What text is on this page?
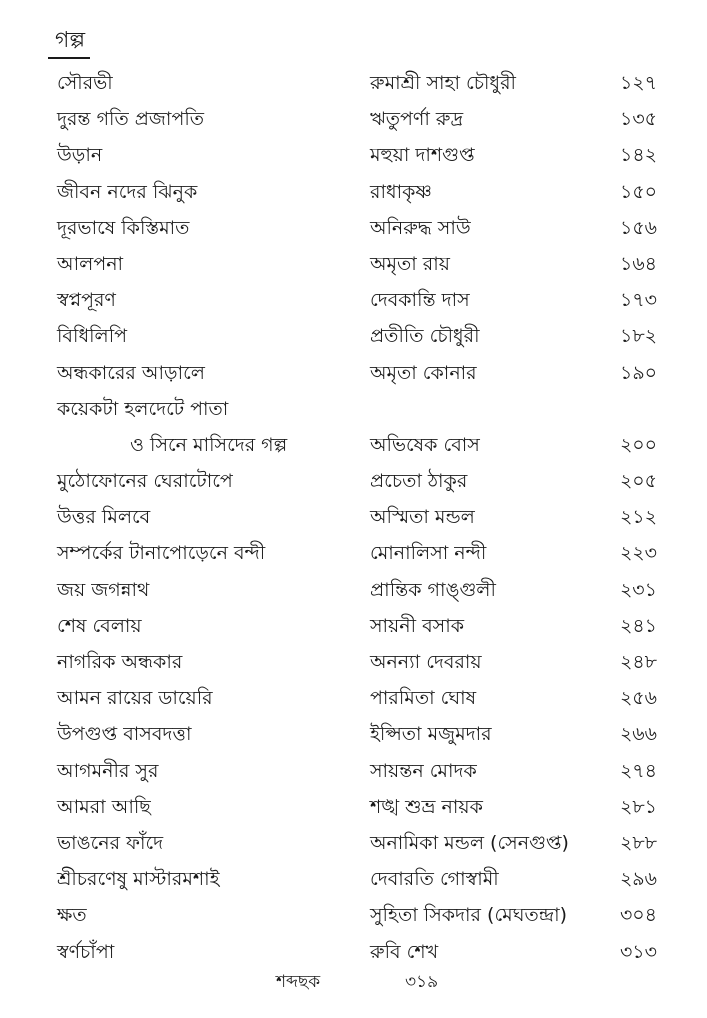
গল্প
সৌরভী	রুমাশ্রী সাহা চৌধুরী	১২৭
দুরন্ত গতি প্রজাপতি	ঋতুপর্ণা রুদ্র	১৩৫
উড়ান	মহুয়া দাশগুপ্ত	১৪২
জীবন নদের ঝিনুক	রাধাকৃষ্ণ	১৫০
দূরভাষে কিস্তিমাত	অনিরুদ্ধ সাউ	১৫৬
আলপনা	অমৃতা রায়	১৬৪
স্বপ্নপূরণ	দেবকান্তি দাস	১৭৩
বিধিলিপি	প্রতীতি চৌধুরী	১৮২
অন্ধকারের আড়ালে	অমৃতা কোনার	১৯০
কয়েকটা হলদেটে পাতা
ও সিনে মাসিদের গল্প	অভিষেক বোস	২০০
মুঠোফোনের ঘেরাটোপে	প্রচেতা ঠাকুর	২০৫
উত্তর মিলবে	অস্মিতা মন্ডল	২১২
সম্পর্কের টানাপোড়েনে বন্দী	মোনালিসা নন্দী	২২৩
জয় জগন্নাথ	প্রান্তিক গাঙ্গুলী	২৩১
শেষ বেলায়	সায়নী বসাক	২৪১
নাগরিক অন্ধকার	অনন্যা দেবরায়	২৪৮
আমন রায়ের ডায়েরি	পারমিতা ঘোষ	২৫৬
উপগুপ্ত বাসবদত্তা	ইপ্সিতা মজুমদার	২৬৬
আগমনীর সুর	সায়ন্তন মোদক	২৭৪
আমরা আছি	শঙ্খ শুভ্র নায়ক	২৮১
ভাঙনের ফাঁদে	অনামিকা মন্ডল (সেনগুপ্ত)	২৮৮
শ্রীচরণেষু মাস্টারমশাই	দেবারতি গোস্বামী	২৯৬
ক্ষত	সুহিতা সিকদার (মেঘতন্দ্রা)	৩০৪
স্বর্ণচাঁপা	রুবি শেখ	৩১৩
শব্দছক	৩১৯
